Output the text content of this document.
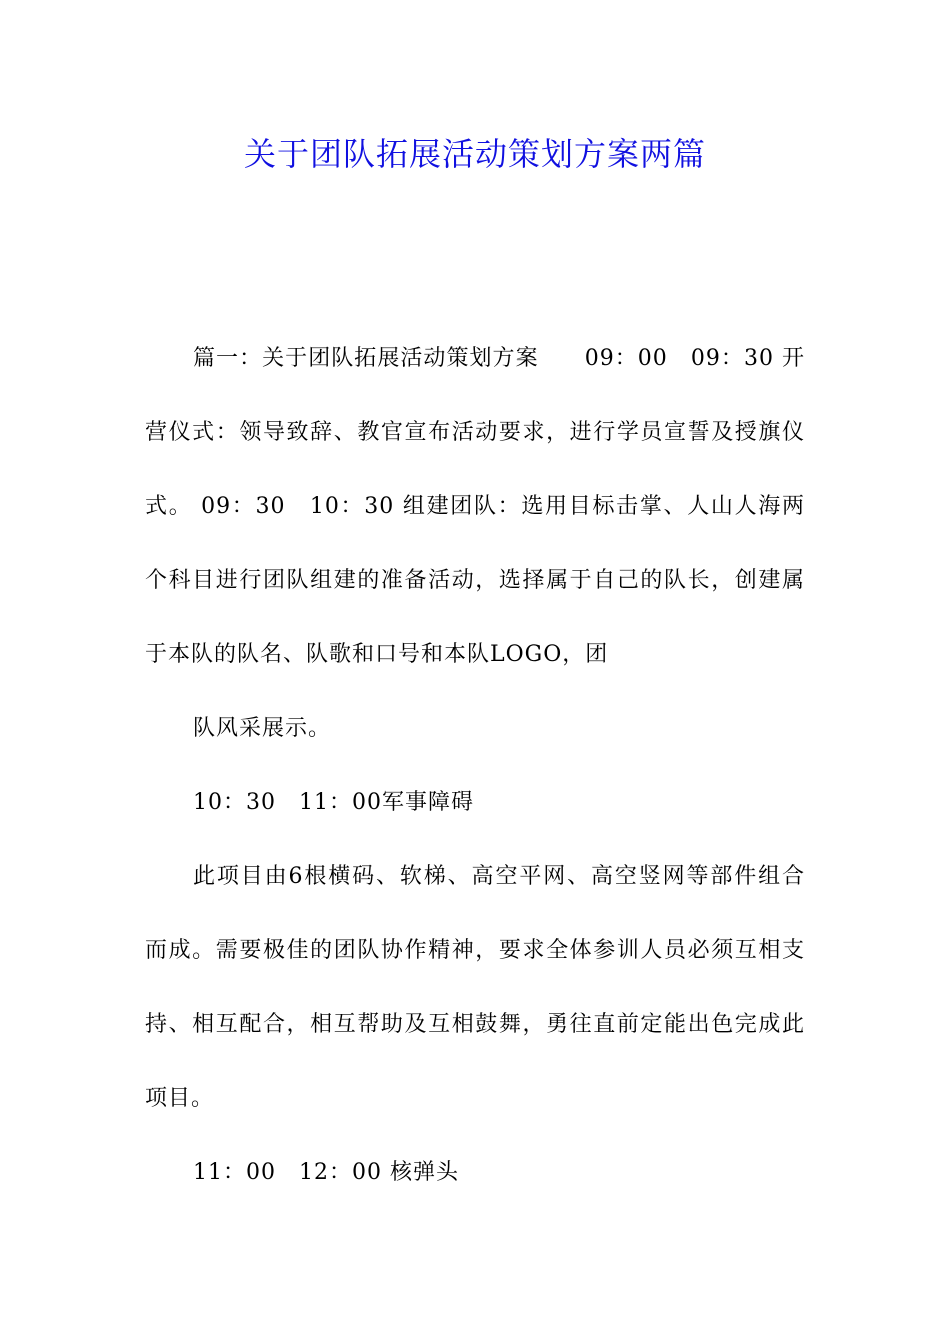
关于团队拓展活动策划方案两篇

篇一：关于团队拓展活动策划方案　　09：00　09：30 开营仪式：领导致辞、教官宣布活动要求，进行学员宣誓及授旗仪式。 09：30　10：30 组建团队：选用目标击掌、人山人海两个科目进行团队组建的准备活动，选择属于自己的队长，创建属于本队的队名、队歌和口号和本队LOGO，团

队风采展示。

10：30　11：00军事障碍

此项目由6根横码、软梯、高空平网、高空竖网等部件组合而成。需要极佳的团队协作精神，要求全体参训人员必须互相支持、相互配合，相互帮助及互相鼓舞，勇往直前定能出色完成此项目。

11：00　12：00 核弹头
